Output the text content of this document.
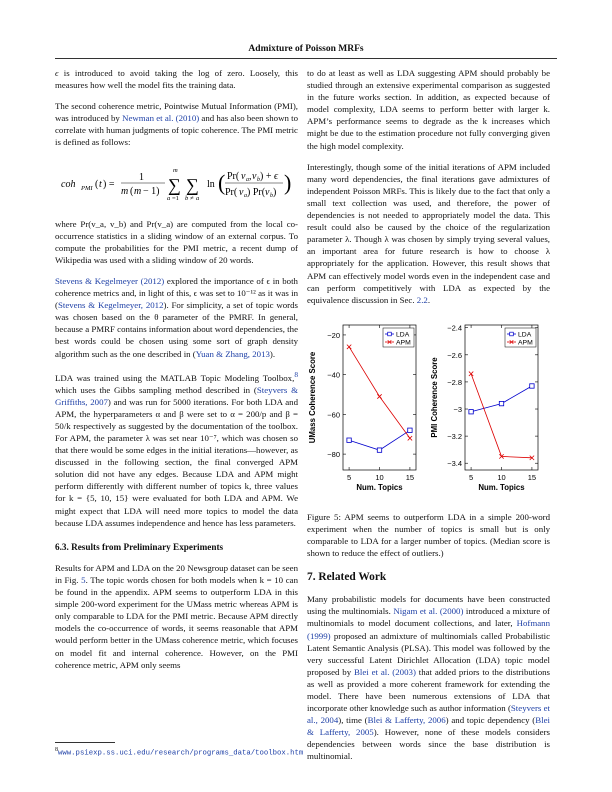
Admixture of Poisson MRFs

ϵ is introduced to avoid taking the log of zero. Loosely, this measures how well the model fits the training data.

The second coherence metric, Pointwise Mutual Information (PMI), was introduced by Newman et al. (2010) and has also been shown to correlate with human judgments of topic coherence. The PMI metric is defined as follows:

coh PMI ( t ) =
1
m ( m − 1)
m
∑
a =1
∑
b ≠ a
ln ( Pr( v a , v b ) + ϵ
Pr( v a ) Pr( v b ) )

where Pr(v_a, v_b) and Pr(v_a) are computed from the local co-occurrence statistics in a sliding window of an external corpus. To compute the probabilities for the PMI metric, a recent dump of Wikipedia was used with a sliding window of 20 words.

Stevens & Kegelmeyer (2012) explored the importance of ϵ in both coherence metrics and, in light of this, ϵ was set to 10⁻¹² as it was in (Stevens & Kegelmeyer, 2012). For simplicity, a set of topic words was chosen based on the θ parameter of the PMRF. In general, because a PMRF contains information about word dependencies, the best words could be chosen using some sort of graph density algorithm such as the one described in (Yuan & Zhang, 2013).

LDA was trained using the MATLAB Topic Modeling Toolbox,$^8$ which uses the Gibbs sampling method described in (Steyvers & Griffiths, 2007) and was run for 5000 iterations. For both LDA and APM, the hyperparameters α and β were set to α = 200/p and β = 50/k respectively as suggested by the documentation of the toolbox. For APM, the parameter λ was set near 10⁻⁷, which was chosen so that there would be some edges in the initial iterations—however, as discussed in the following section, the final converged APM solution did not have any edges. Because LDA and APM might perform differently with different number of topics k, three values for k = {5, 10, 15} were evaluated for both LDA and APM. We might expect that LDA will need more topics to model the data because LDA assumes independence and hence has less parameters.

6.3. Results from Preliminary Experiments

Results for APM and LDA on the 20 Newsgroup dataset can be seen in Fig. 5. The topic words chosen for both models when k = 10 can be found in the appendix. APM seems to outperform LDA in this simple 200-word experiment for the UMass metric whereas APM is only comparable to LDA for the PMI metric. Because APM directly models the co-occurrence of words, it seems reasonable that APM would perform better in the UMass coherence metric, which focuses on model fit and internal coherence. However, on the PMI coherence metric, APM only seems

$^8$www.psiexp.ss.uci.edu/research/programs_data/toolbox.htm

to do at least as well as LDA suggesting APM should probably be studied through an extensive experimental comparison as suggested in the future works section. In addition, as expected because of model complexity, LDA seems to perform better with larger k. APM’s performance seems to degrade as the k increases which might be due to the estimation procedure not fully converging given the high model complexity.

Interestingly, though some of the initial iterations of APM included many word dependencies, the final iterations gave admixtures of independent Poisson MRFs. This is likely due to the fact that only a small text collection was used, and therefore, the power of dependencies is not needed to appropriately model the data. This result could also be caused by the choice of the regularization parameter λ. Though λ was chosen by simply trying several values, an important area for future research is how to choose λ appropriately for the application. However, this result shows that APM can effectively model words even in the independent case and can perform competitively with LDA as expected by the equivalence discussion in Sec. 2.2.

−20
−40
−60
−80
5	10	15
Num. Topics
UMass Coherence Score
LDA
APM
−2.4
−2.6
−2.8
−3
−3.2
−3.4
5	10	15
Num. Topics
PMI Coherence Score
LDA
APM

Figure 5: APM seems to outperform LDA in a simple 200-word experiment when the number of topics is small but is only comparable to LDA for a larger number of topics. (Median score is shown to reduce the effect of outliers.)

7. Related Work

Many probabilistic models for documents have been constructed using the multinomials. Nigam et al. (2000) introduced a mixture of multinomials to model document collections, and later, Hofmann (1999) proposed an admixture of multinomials called Probabilistic Latent Semantic Analysis (PLSA). This model was followed by the very successful Latent Dirichlet Allocation (LDA) topic model proposed by Blei et al. (2003) that added priors to the distributions as well as provided a more coherent framework for extending the model. There have been numerous extensions of LDA that incorporate other knowledge such as author information (Steyvers et al., 2004), time (Blei & Lafferty, 2006) and topic dependency (Blei & Lafferty, 2005). However, none of these models considers dependencies between words since the base distribution is multinomial.
